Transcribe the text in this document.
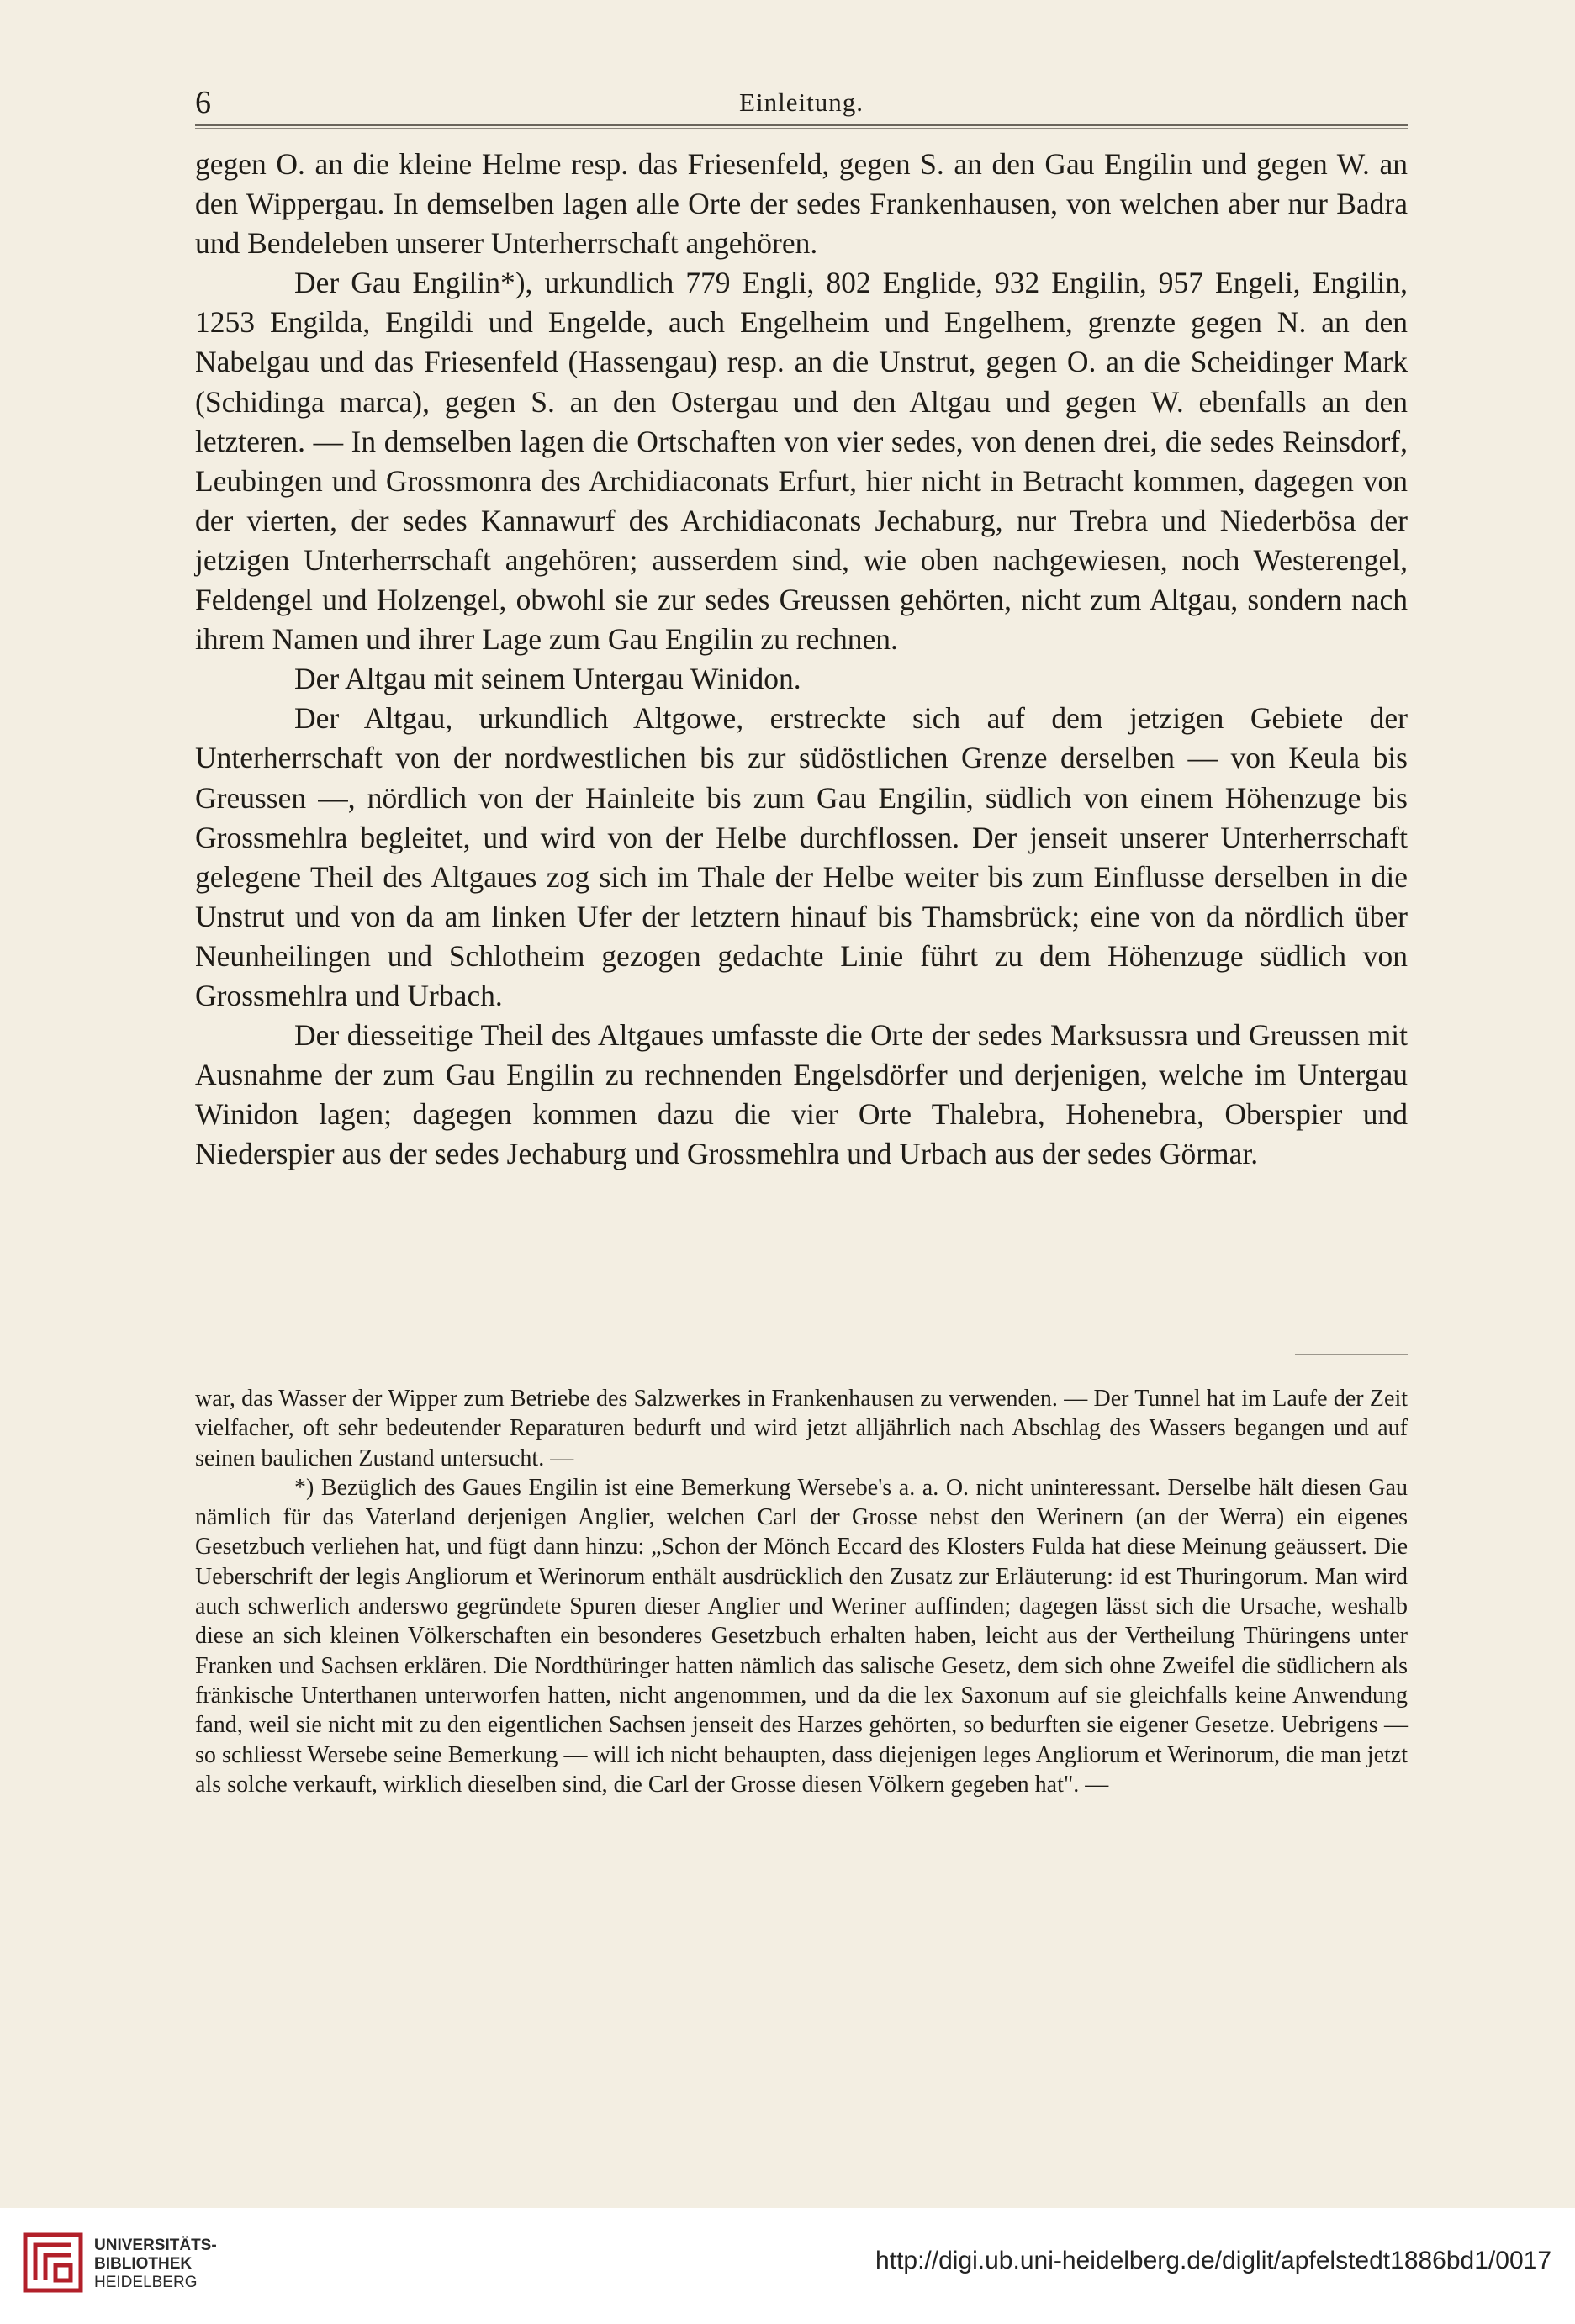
6	Einleitung.

gegen O. an die kleine Helme resp. das Friesenfeld, gegen S. an den Gau Engilin und gegen W. an den Wippergau. In demselben lagen alle Orte der sedes Frankenhausen, von welchen aber nur Badra und Bendeleben unserer Unterherrschaft angehören.

Der Gau Engilin*), urkundlich 779 Engli, 802 Englide, 932 Engilin, 957 Engeli, Engilin, 1253 Engilda, Engildi und Engelde, auch Engelheim und Engelhem, grenzte gegen N. an den Nabelgau und das Friesenfeld (Hassengau) resp. an die Unstrut, gegen O. an die Scheidinger Mark (Schidinga marca), gegen S. an den Ostergau und den Altgau und gegen W. ebenfalls an den letzteren. — In demselben lagen die Ortschaften von vier sedes, von denen drei, die sedes Reinsdorf, Leubingen und Grossmonra des Archidiaconats Erfurt, hier nicht in Betracht kommen, dagegen von der vierten, der sedes Kannawurf des Archidiaconats Jechaburg, nur Trebra und Niederbösa der jetzigen Unterherrschaft angehören; ausserdem sind, wie oben nachgewiesen, noch Westerengel, Feldengel und Holzengel, obwohl sie zur sedes Greussen gehörten, nicht zum Altgau, sondern nach ihrem Namen und ihrer Lage zum Gau Engilin zu rechnen.

Der Altgau mit seinem Untergau Winidon.

Der Altgau, urkundlich Altgowe, erstreckte sich auf dem jetzigen Gebiete der Unterherrschaft von der nordwestlichen bis zur südöstlichen Grenze derselben — von Keula bis Greussen —, nördlich von der Hainleite bis zum Gau Engilin, südlich von einem Höhenzuge bis Grossmehlra begleitet, und wird von der Helbe durchflossen. Der jenseit unserer Unterherrschaft gelegene Theil des Altgaues zog sich im Thale der Helbe weiter bis zum Einflusse derselben in die Unstrut und von da am linken Ufer der letztern hinauf bis Thamsbrück; eine von da nördlich über Neunheilingen und Schlotheim gezogen gedachte Linie führt zu dem Höhenzuge südlich von Grossmehlra und Urbach.

Der diesseitige Theil des Altgaues umfasste die Orte der sedes Marksussra und Greussen mit Ausnahme der zum Gau Engilin zu rechnenden Engelsdörfer und derjenigen, welche im Untergau Winidon lagen; dagegen kommen dazu die vier Orte Thalebra, Hohenebra, Oberspier und Niederspier aus der sedes Jechaburg und Grossmehlra und Urbach aus der sedes Görmar.

war, das Wasser der Wipper zum Betriebe des Salzwerkes in Frankenhausen zu verwenden. — Der Tunnel hat im Laufe der Zeit vielfacher, oft sehr bedeutender Reparaturen bedurft und wird jetzt alljährlich nach Abschlag des Wassers begangen und auf seinen baulichen Zustand untersucht. —

*) Bezüglich des Gaues Engilin ist eine Bemerkung Wersebe's a. a. O. nicht uninteressant. Derselbe hält diesen Gau nämlich für das Vaterland derjenigen Anglier, welchen Carl der Grosse nebst den Werinern (an der Werra) ein eigenes Gesetzbuch verliehen hat, und fügt dann hinzu: „Schon der Mönch Eccard des Klosters Fulda hat diese Meinung geäussert. Die Ueberschrift der legis Angliorum et Werinorum enthält ausdrücklich den Zusatz zur Erläuterung: id est Thuringorum. Man wird auch schwerlich anderswo gegründete Spuren dieser Anglier und Weriner auffinden; dagegen lässt sich die Ursache, weshalb diese an sich kleinen Völkerschaften ein besonderes Gesetzbuch erhalten haben, leicht aus der Vertheilung Thüringens unter Franken und Sachsen erklären. Die Nordthüringer hatten nämlich das salische Gesetz, dem sich ohne Zweifel die südlichern als fränkische Unterthanen unterworfen hatten, nicht angenommen, und da die lex Saxonum auf sie gleichfalls keine Anwendung fand, weil sie nicht mit zu den eigentlichen Sachsen jenseit des Harzes gehörten, so bedurften sie eigener Gesetze. Uebrigens — so schliesst Wersebe seine Bemerkung — will ich nicht behaupten, dass diejenigen leges Angliorum et Werinorum, die man jetzt als solche verkauft, wirklich dieselben sind, die Carl der Grosse diesen Völkern gegeben hat". —

UNIVERSITÄTS-
BIBLIOTHEK
HEIDELBERG
http://digi.ub.uni-heidelberg.de/diglit/apfelstedt1886bd1/0017
